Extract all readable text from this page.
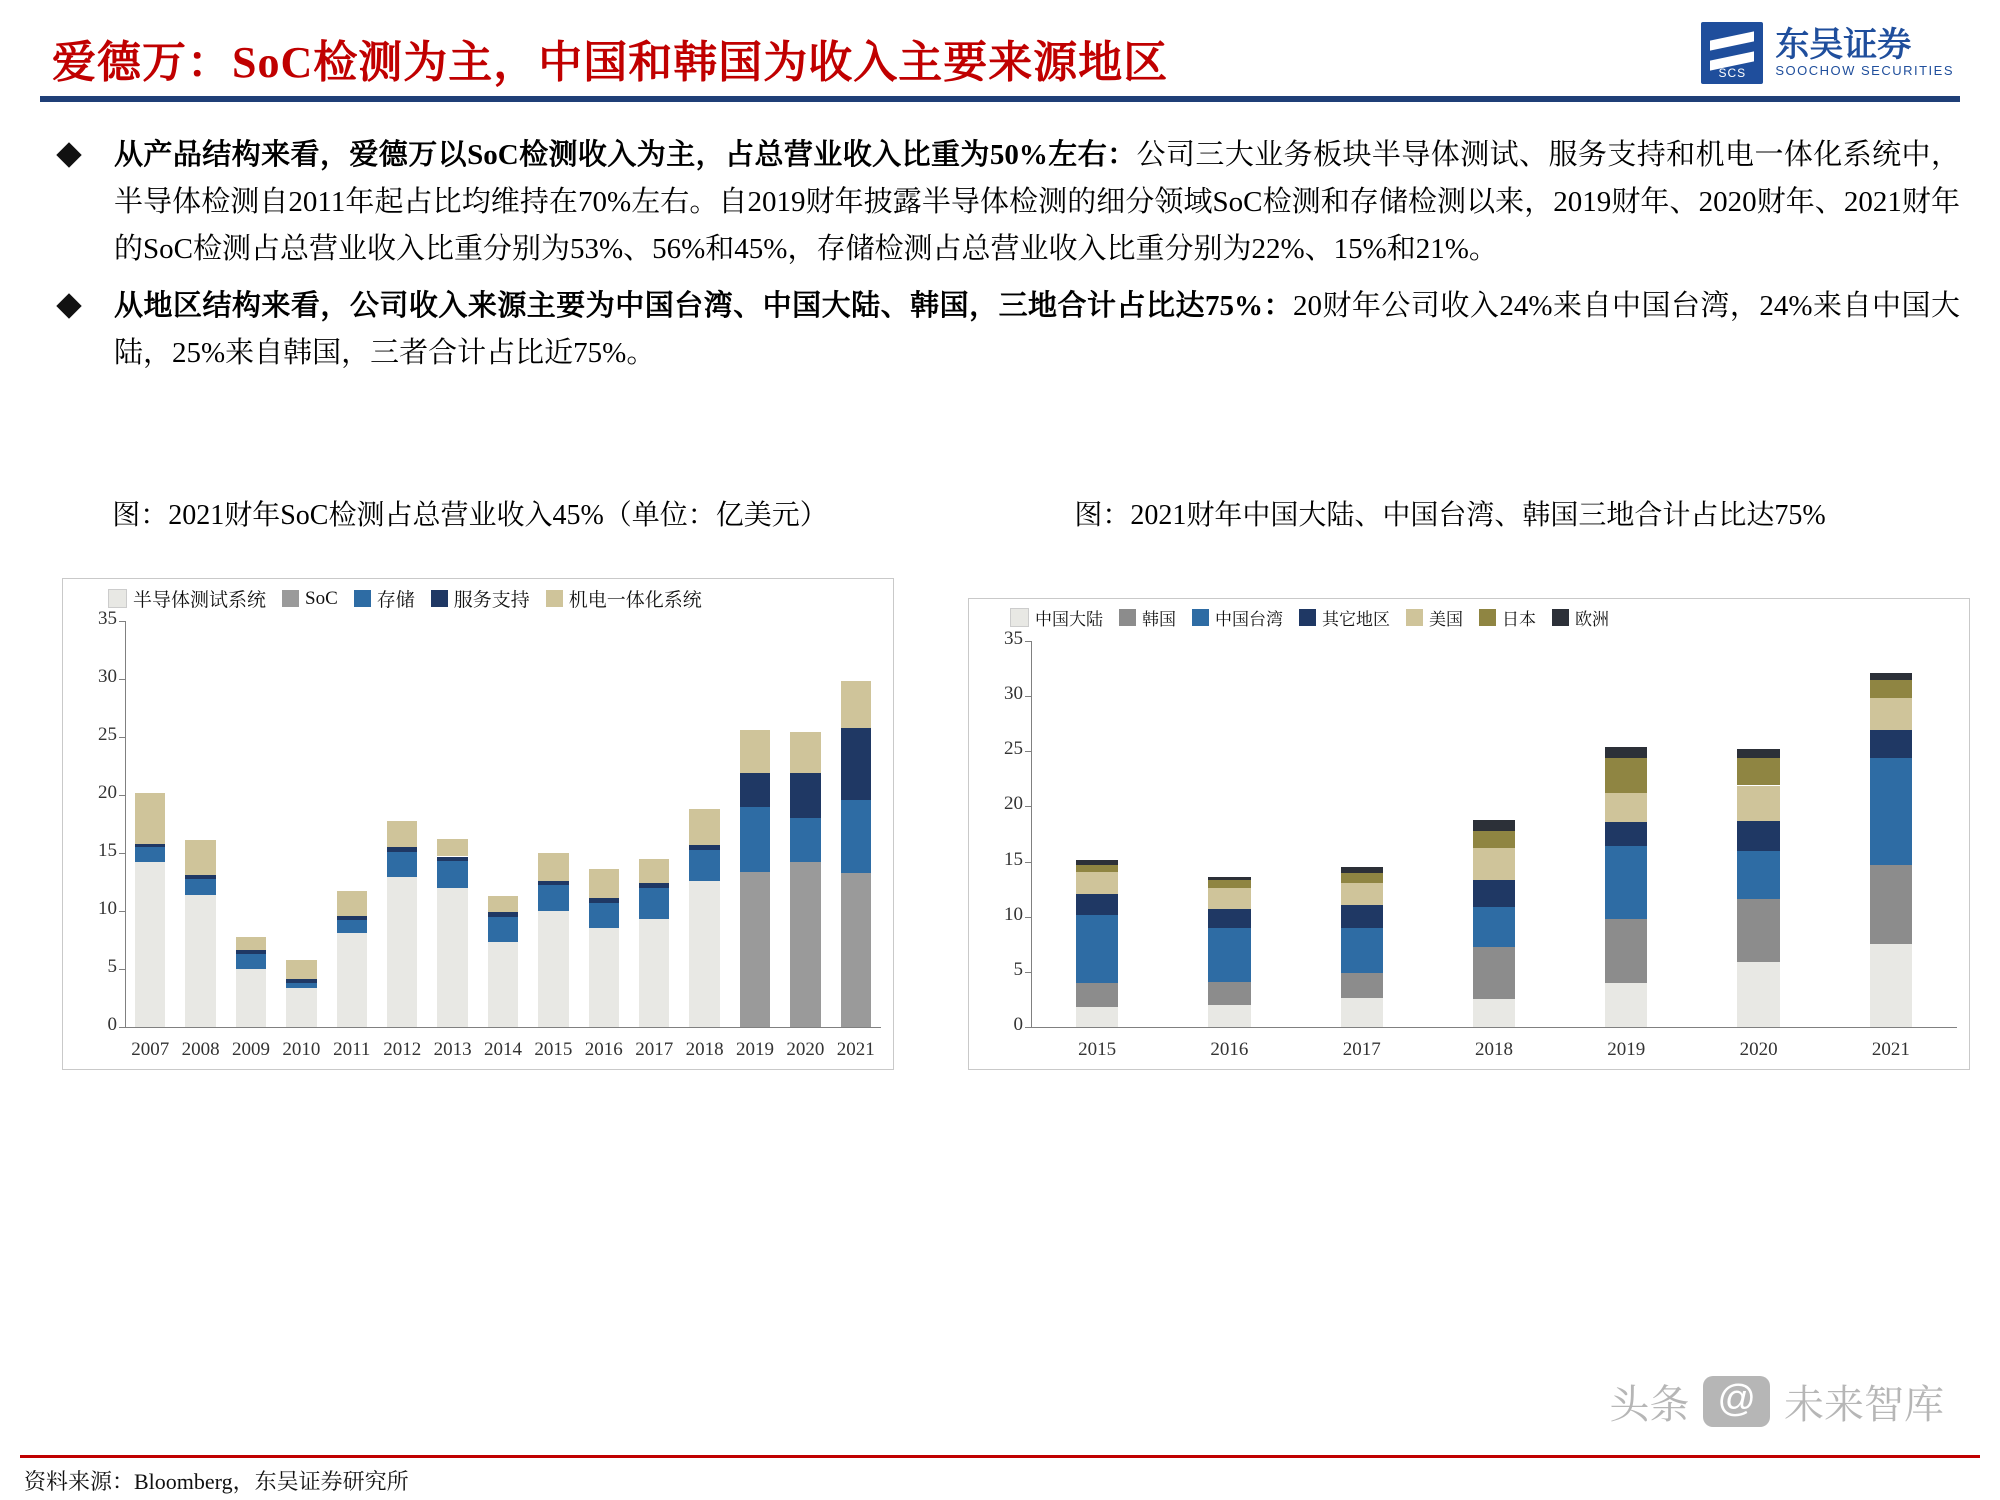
爱德万：SoC检测为主，中国和韩国为收入主要来源地区	SCS
东吴证券
SOOCHOW SECURITIES
从产品结构来看，爱德万以SoC检测收入为主，占总营业收入比重为50%左右：公司三大业务板块半导体测试、服务支持和机电一体化系统中，半导体检测自2011年起占比均维持在70%左右。自2019财年披露半导体检测的细分领域SoC检测和存储检测以来，2019财年、2020财年、2021财年的SoC检测占总营业收入比重分别为53%、56%和45%，存储检测占总营业收入比重分别为22%、15%和21%。
从地区结构来看，公司收入来源主要为中国台湾、中国大陆、韩国，三地合计占比达75%：20财年公司收入24%来自中国台湾，24%来自中国大陆，25%来自韩国，三者合计占比近75%。
图：2021财年SoC检测占总营业收入45%（单位：亿美元）	图：2021财年中国大陆、中国台湾、韩国三地合计占比达75%
0
5
10
15
20
25
30
35
2007 2008 2009 2010 2011 2012 2013 2014 2015 2016 2017 2018 2019 2020 2021
半导体测试系统 SoC 存储 服务支持 机电一体化系统
0
5
10
15
20
25
30
35
2015	2016	2017	2018	2019	2020	2021
中国大陆 韩国 中国台湾 其它地区 美国 日本 欧洲
头条 @ 未来智库
资料来源：Bloomberg，东吴证券研究所
